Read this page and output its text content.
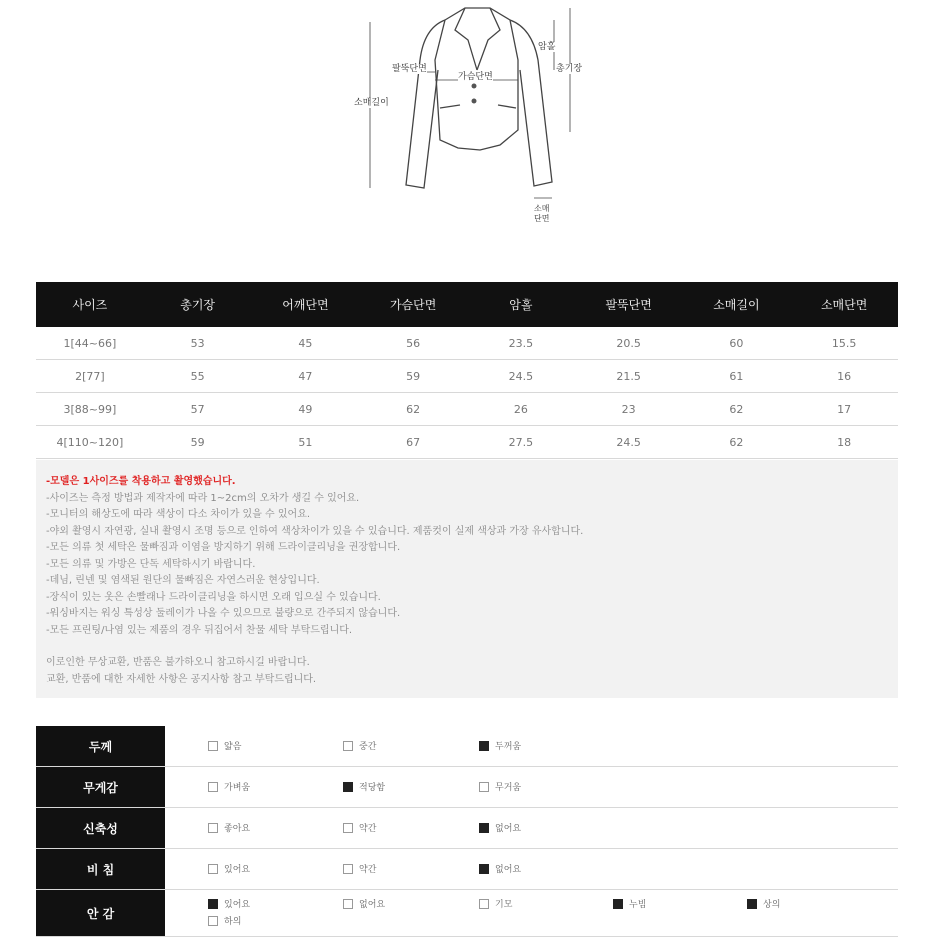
팔뚝단면
가슴단면
암홀
총기장
소매길이
소매단면
사이즈	총기장	어깨단면	가슴단면	암홀	팔뚝단면	소매길이	소매단면
1[44~66]	53	45	56	23.5	20.5	60	15.5
2[77]	55	47	59	24.5	21.5	61	16
3[88~99]	57	49	62	26	23	62	17
4[110~120]	59	51	67	27.5	24.5	62	18
-모델은 1사이즈를 착용하고 촬영했습니다.
-사이즈는 측정 방법과 제작자에 따라 1~2cm의 오차가 생길 수 있어요.
-모니터의 해상도에 따라 색상이 다소 차이가 있을 수 있어요.
-야외 촬영시 자연광, 실내 촬영시 조명 등으로 인하여 색상차이가 있을 수 있습니다. 제품컷이 실제 색상과 가장 유사합니다.
-모든 의류 첫 세탁은 물빠짐과 이염을 방지하기 위해 드라이클리닝을 권장합니다.
-모든 의류 및 가방은 단독 세탁하시기 바랍니다.
-데님, 린넨 및 염색된 원단의 물빠짐은 자연스러운 현상입니다.
-장식이 있는 옷은 손빨래나 드라이클리닝을 하시면 오래 입으실 수 있습니다.
-워싱바지는 워싱 특성상 둘레이가 나올 수 있으므로 불량으로 간주되지 않습니다.
-모든 프린팅/나염 있는 제품의 경우 뒤집어서 찬물 세탁 부탁드립니다.
이로인한 무상교환, 반품은 불가하오니 참고하시길 바랍니다.
교환, 반품에 대한 자세한 사항은 공지사항 참고 부탁드립니다.
두께	얇음	중간	두꺼움
무게감	가벼움	적당함	무거움
신축성	좋아요	약간	없어요
비 침	있어요	약간	없어요
안 감
있어요	없어요	기모	누빔	상의
하의
